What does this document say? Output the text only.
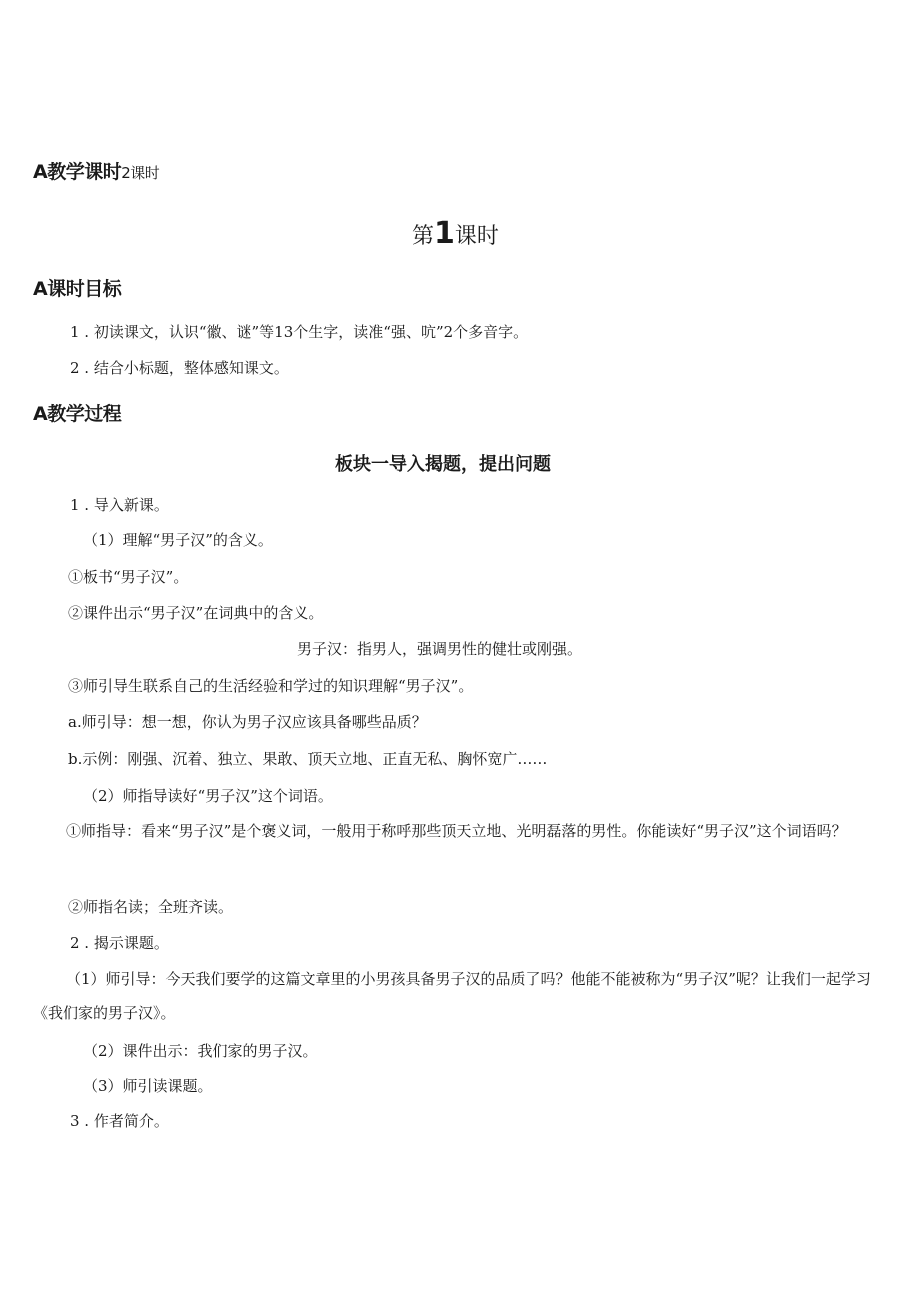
A教学课时2课时
第1课时
A课时目标
1 . 初读课文，认识“徽、谜”等13个生字，读准“强、吭”2个多音字。
2 . 结合小标题，整体感知课文。
A教学过程
板块一导入揭题，提出问题
1 . 导入新课。
（1）理解“男子汉”的含义。
①板书“男子汉”。
②课件出示“男子汉”在词典中的含义。
男子汉：指男人，强调男性的健壮或刚强。
③师引导生联系自己的生活经验和学过的知识理解“男子汉”。
a.师引导：想一想，你认为男子汉应该具备哪些品质？
b.示例：刚强、沉着、独立、果敢、顶天立地、正直无私、胸怀宽广……
（2）师指导读好“男子汉”这个词语。
①师指导：看来“男子汉”是个褒义词，一般用于称呼那些顶天立地、光明磊落的男性。你能读好“男子汉”这个词语吗？
②师指名读；全班齐读。
2 . 揭示课题。
（1）师引导：今天我们要学的这篇文章里的小男孩具备男子汉的品质了吗？他能不能被称为“男子汉”呢？让我们一起学习《我们家的男子汉》。
（2）课件出示：我们家的男子汉。
（3）师引读课题。
3 . 作者简介。
